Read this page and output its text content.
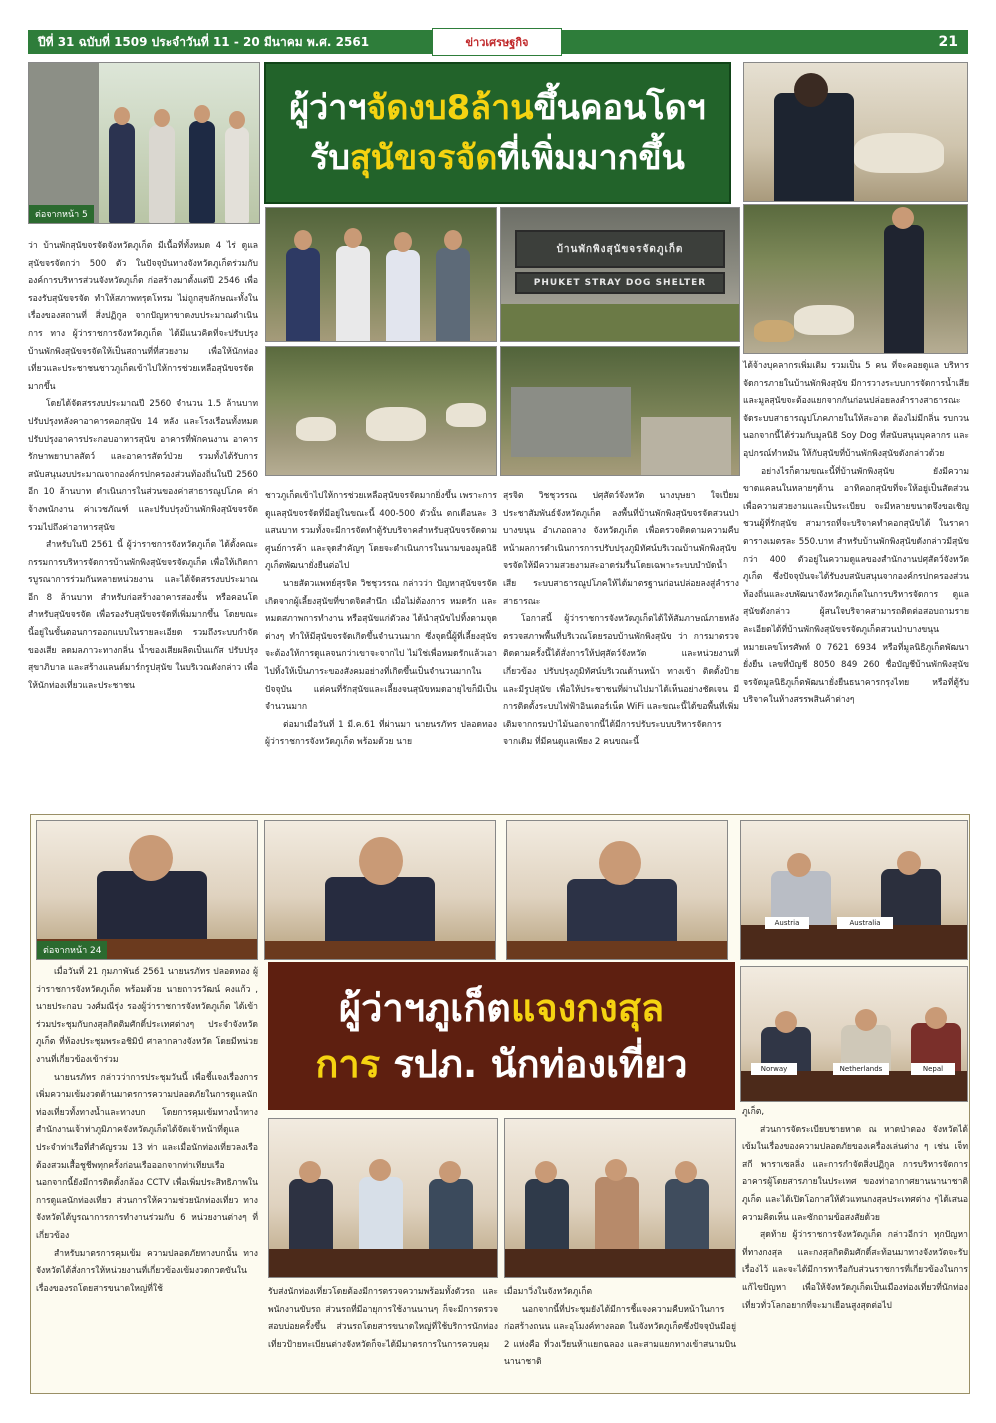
ปีที่ 31 ฉบับที่ 1509 ประจำวันที่ 11 - 20 มีนาคม พ.ศ. 2561	21
ข่าวเศรษฐกิจ
ผู้ว่าฯจัดงบ8ล้านขึ้นคอนโดฯ
รับสุนัขจรจัดที่เพิ่มมากขึ้น
ต่อจากหน้า 5
บ้านพักพิงสุนัขจรจัดภูเก็ต
PHUKET STRAY DOG SHELTER

ว่า บ้านพักสุนัขจรจัดจังหวัดภูเก็ต มีเนื้อที่ทั้งหมด 4 ไร่ ดูแลสุนัขจรจัดกว่า 500 ตัว ในปัจจุบันทางจังหวัดภูเก็ตร่วมกับองค์การบริหารส่วนจังหวัดภูเก็ต ก่อสร้างมาตั้งแต่ปี 2546 เพื่อรองรับสุนัขจรจัด ทำให้สภาพทรุดโทรม ไม่ถูกสุขลักษณะทั้งในเรื่องของสถานที่ สิ่งปฏิกูล จากปัญหาขาดงบประมาณดำเนินการ ทาง ผู้ว่าราชการจังหวัดภูเก็ต ได้มีแนวคิดที่จะปรับปรุงบ้านพักพิงสุนัขจรจัดให้เป็นสถานที่ที่สวยงาม เพื่อให้นักท่องเที่ยวและประชาชนชาวภูเก็ตเข้าไปให้การช่วยเหลือสุนัขจรจัดมากขึ้น

โดยได้จัดสรรงบประมาณปี 2560 จำนวน 1.5 ล้านบาท ปรับปรุงหลังคาอาคารคอกสุนัข 14 หลัง และโรงเรือนทั้งหมด ปรับปรุงอาคารประกอบอาหารสุนัข อาคารที่พักคนงาน อาคารรักษาพยาบาลสัตว์ และอาคารสัตว์ป่วย รวมทั้งได้รับการสนับสนุนงบประมาณจากองค์กรปกครองส่วนท้องถิ่นในปี 2560 อีก 10 ล้านบาท ดำเนินการในส่วนของค่าสาธารณูปโภค ค่าจ้างพนักงาน ค่าเวชภัณฑ์ และปรับปรุงบ้านพักพิงสุนัขจรจัด รวมไปถึงค่าอาหารสุนัข

สำหรับในปี 2561 นี้ ผู้ว่าราชการจังหวัดภูเก็ต ได้ตั้งคณะกรรมการบริหารจัดการบ้านพักพิงสุนัขจรจัดภูเก็ต เพื่อให้เกิดการบูรณาการร่วมกันหลายหน่วยงาน และได้จัดสรรงบประมาณอีก 8 ล้านบาท สำหรับก่อสร้างอาคารสองชั้น หรือคอนโดสำหรับสุนัขจรจัด เพื่อรองรับสุนัขจรจัดที่เพิ่มมากขึ้น โดยขณะนี้อยู่ในขั้นตอนการออกแบบในรายละเอียด รวมถึงระบบกำจัดของเสีย ลดมลภาวะทางกลิ่น น้ำของเสียผลิตเป็นแก๊ส ปรับปรุงสุขาภิบาล และสร้างแลนด์มาร์กรูปสุนัข ในบริเวณดังกล่าว เพื่อให้นักท่องเที่ยวและประชาชน

ชาวภูเก็ตเข้าไปให้การช่วยเหลือสุนัขจรจัดมากยิ่งขึ้น เพราะการดูแลสุนัขจรจัดที่มีอยู่ในขณะนี้ 400-500 ตัวนั้น ตกเดือนละ 3 แสนบาท รวมทั้งจะมีการจัดทำตู้รับบริจาคสำหรับสุนัขจรจัดตามศูนย์การค้า และจุดสำคัญๆ โดยจะดำเนินการในนามของมูลนิธิภูเก็ตพัฒนายั่งยืนต่อไป

นายสัตวแพทย์สุรจิต วิชชุวรรณ กล่าวว่า ปัญหาสุนัขจรจัดเกิดจากผู้เลี้ยงสุนัขที่ขาดจิตสำนึก เมื่อไม่ต้องการ หมดรัก และหมดสภาพการทำงาน หรือสุนัขแก่ตัวลง ได้นำสุนัขไปทิ้งตามจุดต่างๆ ทำให้มีสุนัขจรจัดเกิดขึ้นจำนวนมาก ซึ่งจุดนี้ผู้ที่เลี้ยงสุนัขจะต้องให้การดูแลจนกว่าเขาจะจากไป ไม่ใช่เพื่อหมดรักแล้วเอาไปทิ้งให้เป็นภาระของสังคมอย่างที่เกิดขึ้นเป็นจำนวนมากในปัจจุบัน แต่คนที่รักสุนัขและเลี้ยงจนสุนัขหมดอายุไขก็มีเป็นจำนวนมาก

ต่อมาเมื่อวันที่ 1 มี.ค.61 ที่ผ่านมา นายนรภัทร ปลอดทอง ผู้ว่าราชการจังหวัดภูเก็ต พร้อมด้วย นาย

สุรจิต วิชชุวรรณ ปศุสัตว์จังหวัด นางบุษยา ใจเปี่ยม ประชาสัมพันธ์จังหวัดภูเก็ต ลงพื้นที่บ้านพักพิงสุนัขจรจัดสวนป่าบางขนุน อำเภอถลาง จังหวัดภูเก็ต เพื่อตรวจติดตามความคืบหน้าผลการดำเนินการการปรับปรุงภูมิทัศน์บริเวณบ้านพักพิงสุนัขจรจัดให้มีความสวยงามสะอาดร่มรื่นโดยเฉพาะระบบบำบัดน้ำเสีย ระบบสาธารณูปโภคให้ได้มาตรฐานก่อนปล่อยลงสู่ลำรางสาธารณะ

โอกาสนี้ ผู้ว่าราชการจังหวัดภูเก็ตได้ให้สัมภาษณ์ภายหลังตรวจสภาพพื้นที่บริเวณโดยรอบบ้านพักพิงสุนัข ว่า การมาตรวจติดตามครั้งนี้ได้สั่งการให้ปศุสัตว์จังหวัด และหน่วยงานที่เกี่ยวข้อง ปรับปรุงภูมิทัศน์บริเวณด้านหน้า ทางเข้า ติดตั้งป้าย และมีรูปสุนัข เพื่อให้ประชาชนที่ผ่านไปมาได้เห็นอย่างชัดเจน มีการติดตั้งระบบไฟฟ้าอินเตอร์เน็ต WiFi และขณะนี้ได้ขอพื้นที่เพิ่มเติมจากกรมป่าไม้นอกจากนี้ได้มีการปรับระบบบริหารจัดการ จากเดิม ที่มีคนดูแลเพียง 2 คนขณะนี้

ได้จ้างบุคลากรเพิ่มเติม รวมเป็น 5 คน ที่จะคอยดูแล บริหารจัดการภายในบ้านพักพิงสุนัข มีการวางระบบการจัดการน้ำเสียและมูลสุนัขจะต้องแยกจากกันก่อนปล่อยลงลำรางสาธารณะ จัดระบบสาธารณูปโภคภายในให้สะอาด ต้องไม่มีกลิ่น รบกวน นอกจากนี้ได้ร่วมกับมูลนิธิ Soy Dog ที่สนับสนุนบุคลากร และอุปกรณ์ทำหมัน ให้กับสุนัขที่บ้านพักพิงสุนัขดังกล่าวด้วย

อย่างไรก็ตามขณะนี้ที่บ้านพักพิงสุนัข ยังมีความขาดแคลนในหลายๆด้าน อาทิคอกสุนัขที่จะให้อยู่เป็นสัดส่วนเพื่อความสวยงามและเป็นระเบียบ จะมีหลายขนาดจึงขอเชิญชวนผู้ที่รักสุนัข สามารถที่จะบริจาคทำคอกสุนัขได้ ในราคา ตารางเมตรละ 550.บาท สำหรับบ้านพักพิงสุนัขดังกล่าวมีสุนัขกว่า 400 ตัวอยู่ในความดูแลของสำนักงานปศุสัตว์จังหวัดภูเก็ต ซึ่งปัจจุบันจะได้รับงบสนับสนุนจากองค์กรปกครองส่วนท้องถิ่นและงบพัฒนาจังหวัดภูเก็ตในการบริหารจัดการ ดูแลสุนัขดังกล่าว ผู้สนใจบริจาคสามารถติดต่อสอบถามรายละเอียดได้ที่บ้านพักพิงสุนัขจรจัดภูเก็ตสวนป่าบางขนุน หมายเลขโทรศัพท์ 0 7621 6934 หรือที่มูลนิธิภูเก็ตพัฒนายั่งยืน เลขที่บัญชี 8050 849 260 ชื่อบัญชีบ้านพักพิงสุนัขจรจัดมูลนิธิภูเก็ตพัฒนายั่งยืนธนาคารกรุงไทย หรือที่ตู้รับบริจาคในห้างสรรพสินค้าต่างๆ

ต่อจากหน้า 24
Austria	Australia
Norway	Netherlands	Nepal
ผู้ว่าฯภูเก็ตแจงกงสุล
การ รปภ. นักท่องเที่ยว

เมื่อวันที่ 21 กุมภาพันธ์ 2561 นายนรภัทร ปลอดทอง ผู้ว่าราชการจังหวัดภูเก็ต พร้อมด้วย นายถาวรวัฒน์ คงแก้ว , นายประกอบ วงศ์มณีรุ่ง รองผู้ว่าราชการจังหวัดภูเก็ต ได้เข้าร่วมประชุมกับกงสุลกิตติมศักดิ์ประเทศต่างๆ ประจำจังหวัดภูเก็ต ที่ห้องประชุมพระอชิมิป์ ศาลากลางจังหวัด โดยมีหน่วยงานที่เกี่ยวข้องเข้าร่วม

นายนรภัทร กล่าวว่าการประชุมวันนี้ เพื่อชี้แจงเรื่องการเพิ่มความเข้มงวดด้านมาตรการความปลอดภัยในการดูแลนักท่องเที่ยวทั้งทางน้ำและทางบก โดยการคุมเข้มทางน้ำทางสำนักงานเจ้าท่าภูมิภาคจังหวัดภูเก็ตได้จัดเจ้าหน้าที่ดูแลประจำท่าเรือที่สำคัญรวม 13 ท่า และเมื่อนักท่องเที่ยวลงเรือต้องสวมเสื้อชูชีพทุกครั้งก่อนเรือออกจากท่าเทียบเรือ นอกจากนี้ยังมีการติดตั้งกล้อง CCTV เพื่อเพิ่มประสิทธิภาพในการดูแลนักท่องเที่ยว ส่วนการให้ความช่วยนักท่องเที่ยว ทางจังหวัดได้บูรณาการการทำงานร่วมกับ 6 หน่วยงานต่างๆ ที่เกี่ยวข้อง

สำหรับมาตรการคุมเข้ม ความปลอดภัยทางบกนั้น ทางจังหวัดได้สั่งการให้หน่วยงานที่เกี่ยวข้องเข้มงวดกวดขันในเรื่องของรถโดยสารขนาดใหญ่ที่ใช้	รับส่งนักท่องเที่ยวโดยต้องมีการตรวจความพร้อมทั้งตัวรถ และพนักงานขับรถ ส่วนรถที่มีอายุการใช้งานนานๆ ก็จะมีการตรวจสอบบ่อยครั้งขึ้น ส่วนรถโดยสารขนาดใหญ่ที่ใช้บริการนักท่องเที่ยวป้ายทะเบียนต่างจังหวัดก็จะได้มีมาตรการในการควบคุม

เมื่อมาวิ่งในจังหวัดภูเก็ต

นอกจากนี้ที่ประชุมยังได้มีการชี้แจงความคืบหน้าในการก่อสร้างถนน และอุโมงค์ทางลอด ในจังหวัดภูเก็ตซึ่งปัจจุบันมีอยู่ 2 แห่งคือ ที่วงเวียนห้าแยกฉลอง และสามแยกทางเข้าสนามบินนานาชาติ

ภูเก็ต,

ส่วนการจัดระเบียบชายหาด ณ หาดป่าตอง จังหวัดได้เข้มในเรื่องของความปลอดภัยของเครื่องเล่นต่าง ๆ เช่น เจ็ทสกี พาราเซลลิ่ง และการกำจัดสิ่งปฏิกูล การบริหารจัดการอาคารผู้โดยสารภายในประเทศ ของท่าอากาศยานนานาชาติภูเก็ต และได้เปิดโอกาสให้ตัวแทนกงสุลประเทศต่าง ๆได้เสนอความคิดเห็น และซักถามข้อสงสัยด้วย

สุดท้าย ผู้ว่าราชการจังหวัดภูเก็ต กล่าวอีกว่า ทุกปัญหาที่ทางกงสุล และกงสุลกิตติมศักดิ์สะท้อนมาทางจังหวัดจะรับเรื่องไว้ และจะได้มีการหารือกับส่วนราชการที่เกี่ยวข้องในการแก้ไขปัญหา เพื่อให้จังหวัดภูเก็ตเป็นเมืองท่องเที่ยวที่นักท่องเที่ยวทั่วโลกอยากที่จะมาเยือนสูงสุดต่อไป
